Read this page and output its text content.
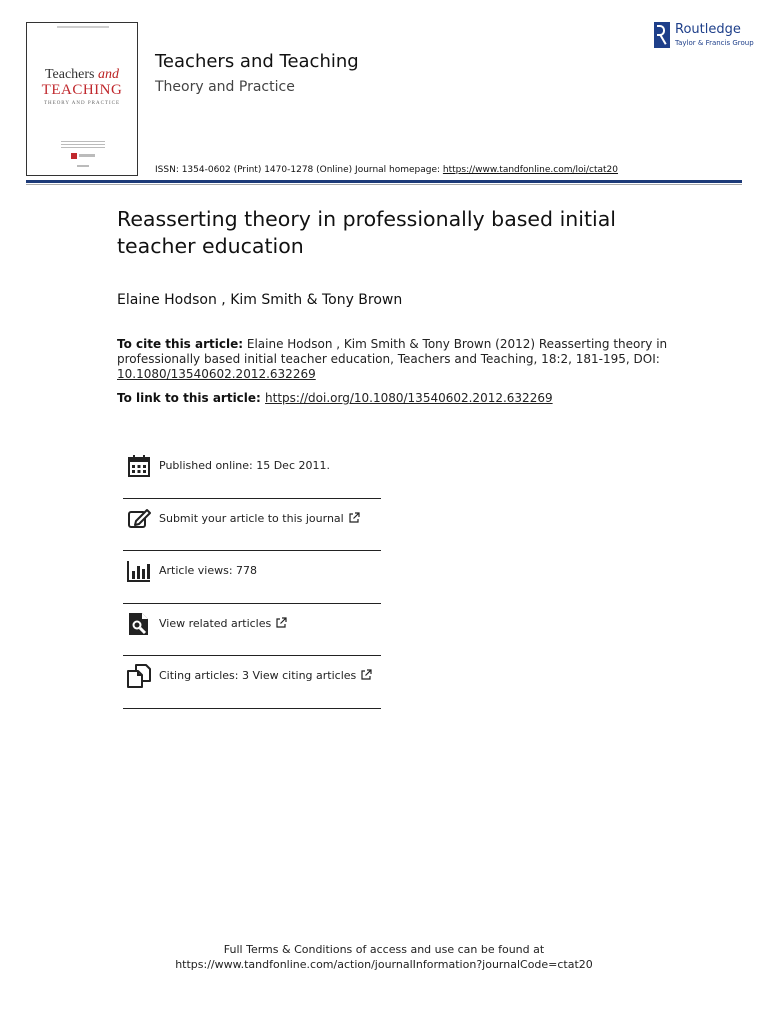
Teachers and
TEACHING
THEORY AND PRACTICE
Teachers and Teaching
Theory and Practice
ISSN: 1354-0602 (Print) 1470-1278 (Online) Journal homepage: https://www.tandfonline.com/loi/ctat20
Routledge
Taylor & Francis Group
Reasserting theory in professionally based initial teacher education
Elaine Hodson , Kim Smith & Tony Brown
To cite this article: Elaine Hodson , Kim Smith & Tony Brown (2012) Reasserting theory in professionally based initial teacher education, Teachers and Teaching, 18:2, 181-195, DOI: 10.1080/13540602.2012.632269
To link to this article: https://doi.org/10.1080/13540602.2012.632269
Published online: 15 Dec 2011.
Submit your article to this journal
Article views: 778
View related articles
Citing articles: 3 View citing articles
Full Terms & Conditions of access and use can be found at
https://www.tandfonline.com/action/journalInformation?journalCode=ctat20
